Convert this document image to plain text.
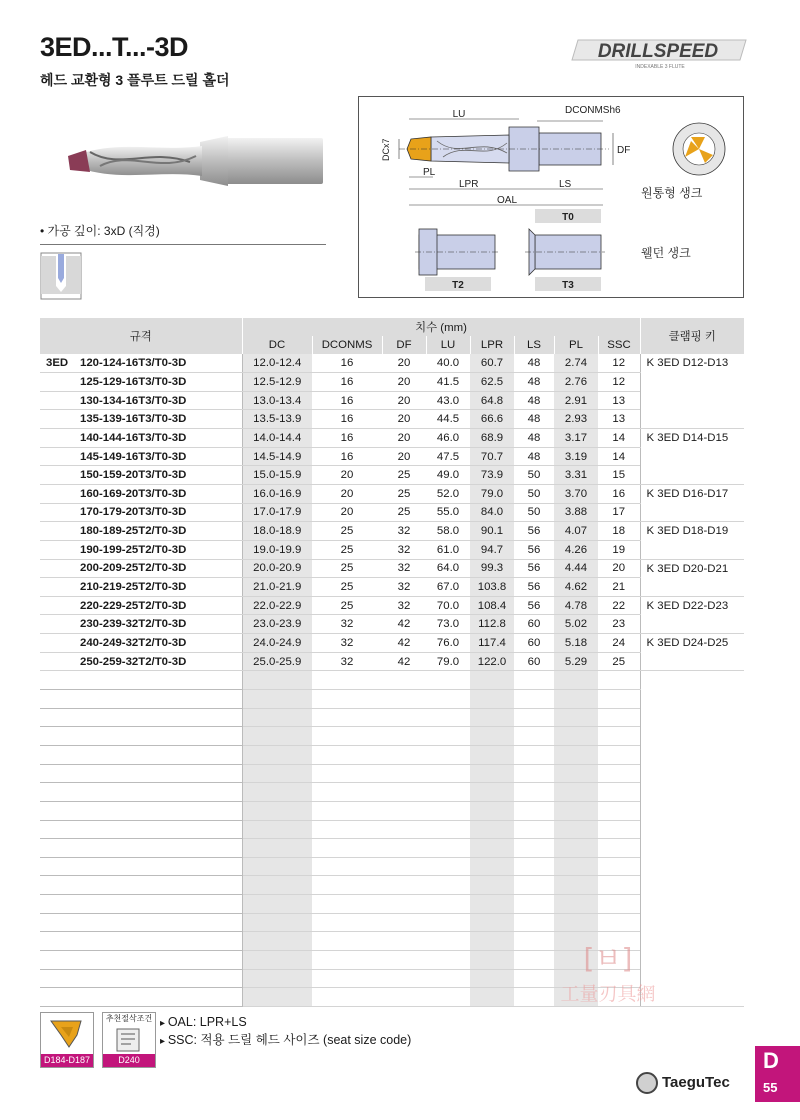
3ED...T...-3D
헤드 교환형 3 플루트 드릴 홀더
DRILLSPEED
INDEXABLE 3 FLUTE
• 가공 깊이: 3xD (직경)
LU	DCONMSh6
DF
DCx7
PL
LPR	LS
OAL
T0
원통형 생크
T2	T3
웰던 생크
규격	치수 (mm)								클램핑 키
	DC	DCONMS	DF	LU	LPR	LS	PL	SSC	
3ED 120-124-16T3/T0-3D	12.0-12.4	16	20	40.0	60.7	48	2.74	12	K 3ED D12-D13
125-129-16T3/T0-3D	12.5-12.9	16	20	41.5	62.5	48	2.76	12	
130-134-16T3/T0-3D	13.0-13.4	16	20	43.0	64.8	48	2.91	13	
135-139-16T3/T0-3D	13.5-13.9	16	20	44.5	66.6	48	2.93	13	
140-144-16T3/T0-3D	14.0-14.4	16	20	46.0	68.9	48	3.17	14	K 3ED D14-D15
145-149-16T3/T0-3D	14.5-14.9	16	20	47.5	70.7	48	3.19	14	
150-159-20T3/T0-3D	15.0-15.9	20	25	49.0	73.9	50	3.31	15	
160-169-20T3/T0-3D	16.0-16.9	20	25	52.0	79.0	50	3.70	16	K 3ED D16-D17
170-179-20T3/T0-3D	17.0-17.9	20	25	55.0	84.0	50	3.88	17	
180-189-25T2/T0-3D	18.0-18.9	25	32	58.0	90.1	56	4.07	18	K 3ED D18-D19
190-199-25T2/T0-3D	19.0-19.9	25	32	61.0	94.7	56	4.26	19	
200-209-25T2/T0-3D	20.0-20.9	25	32	64.0	99.3	56	4.44	20	K 3ED D20-D21
210-219-25T2/T0-3D	21.0-21.9	25	32	67.0	103.8	56	4.62	21	
220-229-25T2/T0-3D	22.0-22.9	25	32	70.0	108.4	56	4.78	22	K 3ED D22-D23
230-239-32T2/T0-3D	23.0-23.9	32	42	73.0	112.8	60	5.02	23	
240-249-32T2/T0-3D	24.0-24.9	32	42	76.0	117.4	60	5.18	24	K 3ED D24-D25
250-259-32T2/T0-3D	25.0-25.9	32	42	79.0	122.0	60	5.29	25	

D184-D187
추천절삭조건
D240
▸ OAL: LPR+LS
▸ SSC: 적용 드릴 헤드 사이즈 (seat size code)
[ㅂ]
工量刃具網
TaeguTec
D
55
